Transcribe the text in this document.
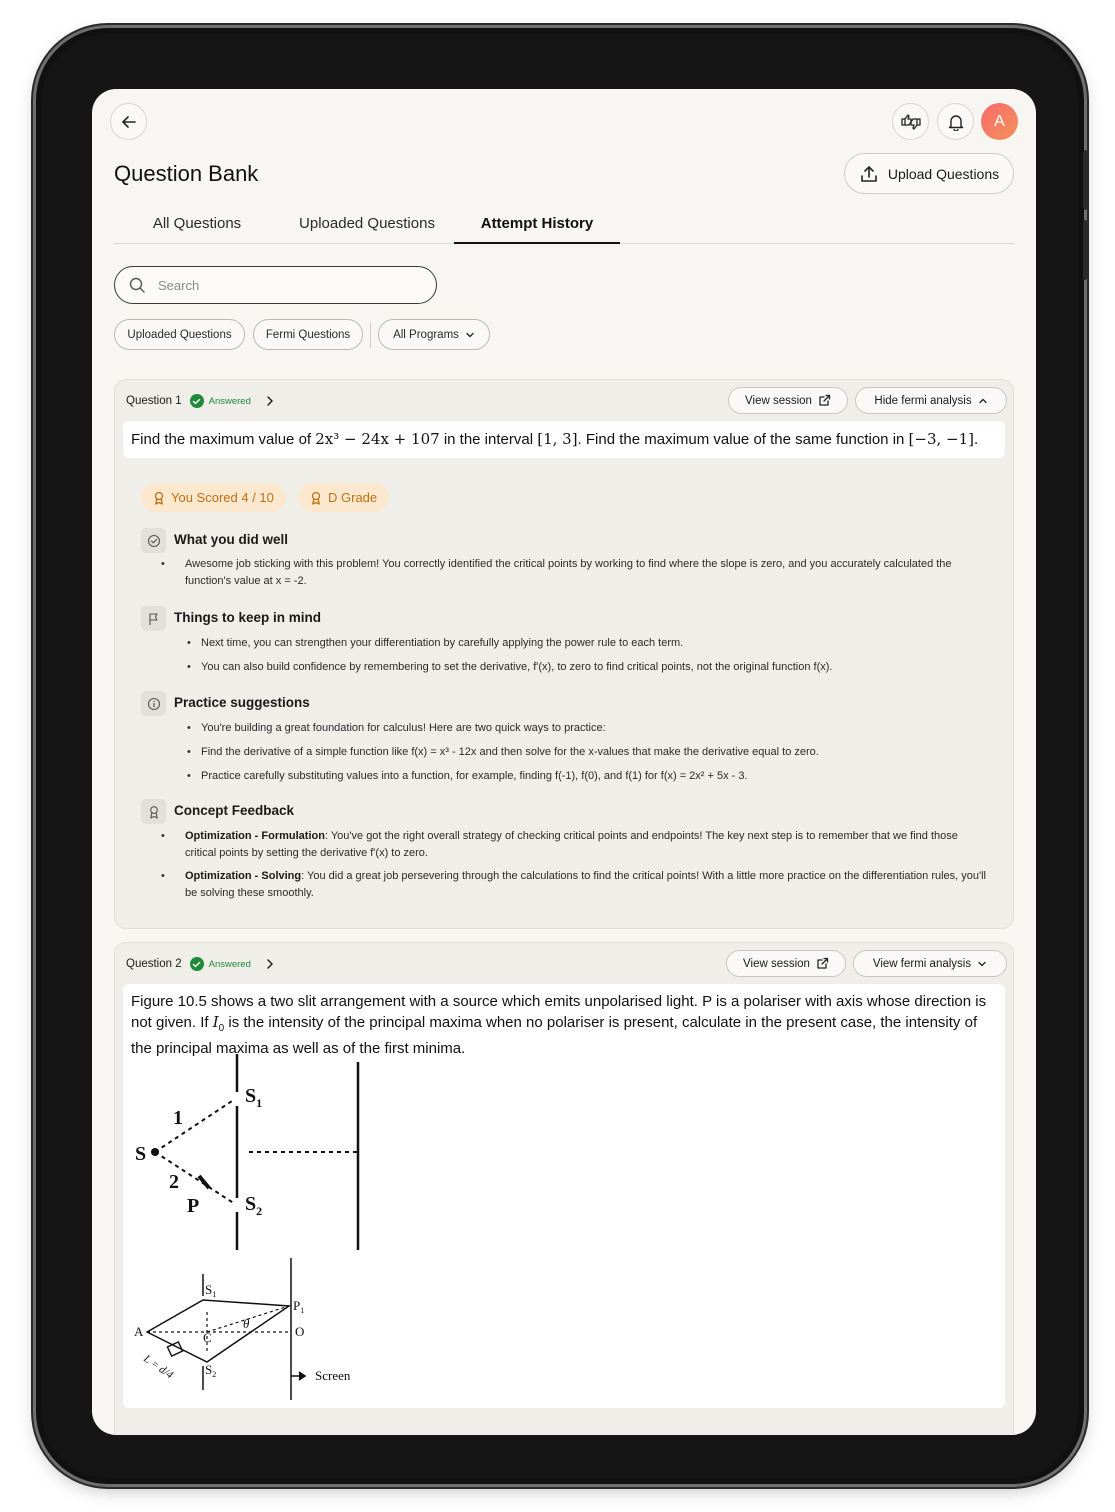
A
Question Bank	Upload Questions
All Questions	Uploaded Questions	Attempt History
Search
Uploaded Questions	Fermi Questions	All Programs
Question 1	Answered	View session	Hide fermi analysis
Find the maximum value of 2x³ − 24x + 107 in the interval [1, 3]. Find the maximum value of the same function in [−3, −1].
You Scored 4 / 10	D Grade
What you did well
• Awesome job sticking with this problem! You correctly identified the critical points by working to find where the slope is zero, and you accurately calculated the function's value at x = -2.
Things to keep in mind
• Next time, you can strengthen your differentiation by carefully applying the power rule to each term.
• You can also build confidence by remembering to set the derivative, f'(x), to zero to find critical points, not the original function f(x).
Practice suggestions
• You're building a great foundation for calculus! Here are two quick ways to practice:
• Find the derivative of a simple function like f(x) = x³ - 12x and then solve for the x-values that make the derivative equal to zero.
• Practice carefully substituting values into a function, for example, finding f(-1), f(0), and f(1) for f(x) = 2x² + 5x - 3.
Concept Feedback
• Optimization - Formulation: You've got the right overall strategy of checking critical points and endpoints! The key next step is to remember that we find those critical points by setting the derivative f'(x) to zero.
• Optimization - Solving: You did a great job persevering through the calculations to find the critical points! With a little more practice on the differentiation rules, you'll be solving these smoothly.
Question 2	Answered	View session	View fermi analysis
Figure 10.5 shows a two slit arrangement with a source which emits unpolarised light. P is a polariser with axis whose direction is not given. If $I_0$ is the intensity of the principal maxima when no polariser is present, calculate in the present case, the intensity of the principal maxima as well as of the first minima.
S
$S_1$
$S_2$
1
2
P
A	C
$S_1$
$S_2$
$P_1$
O
θ
Screen
L = d/4
